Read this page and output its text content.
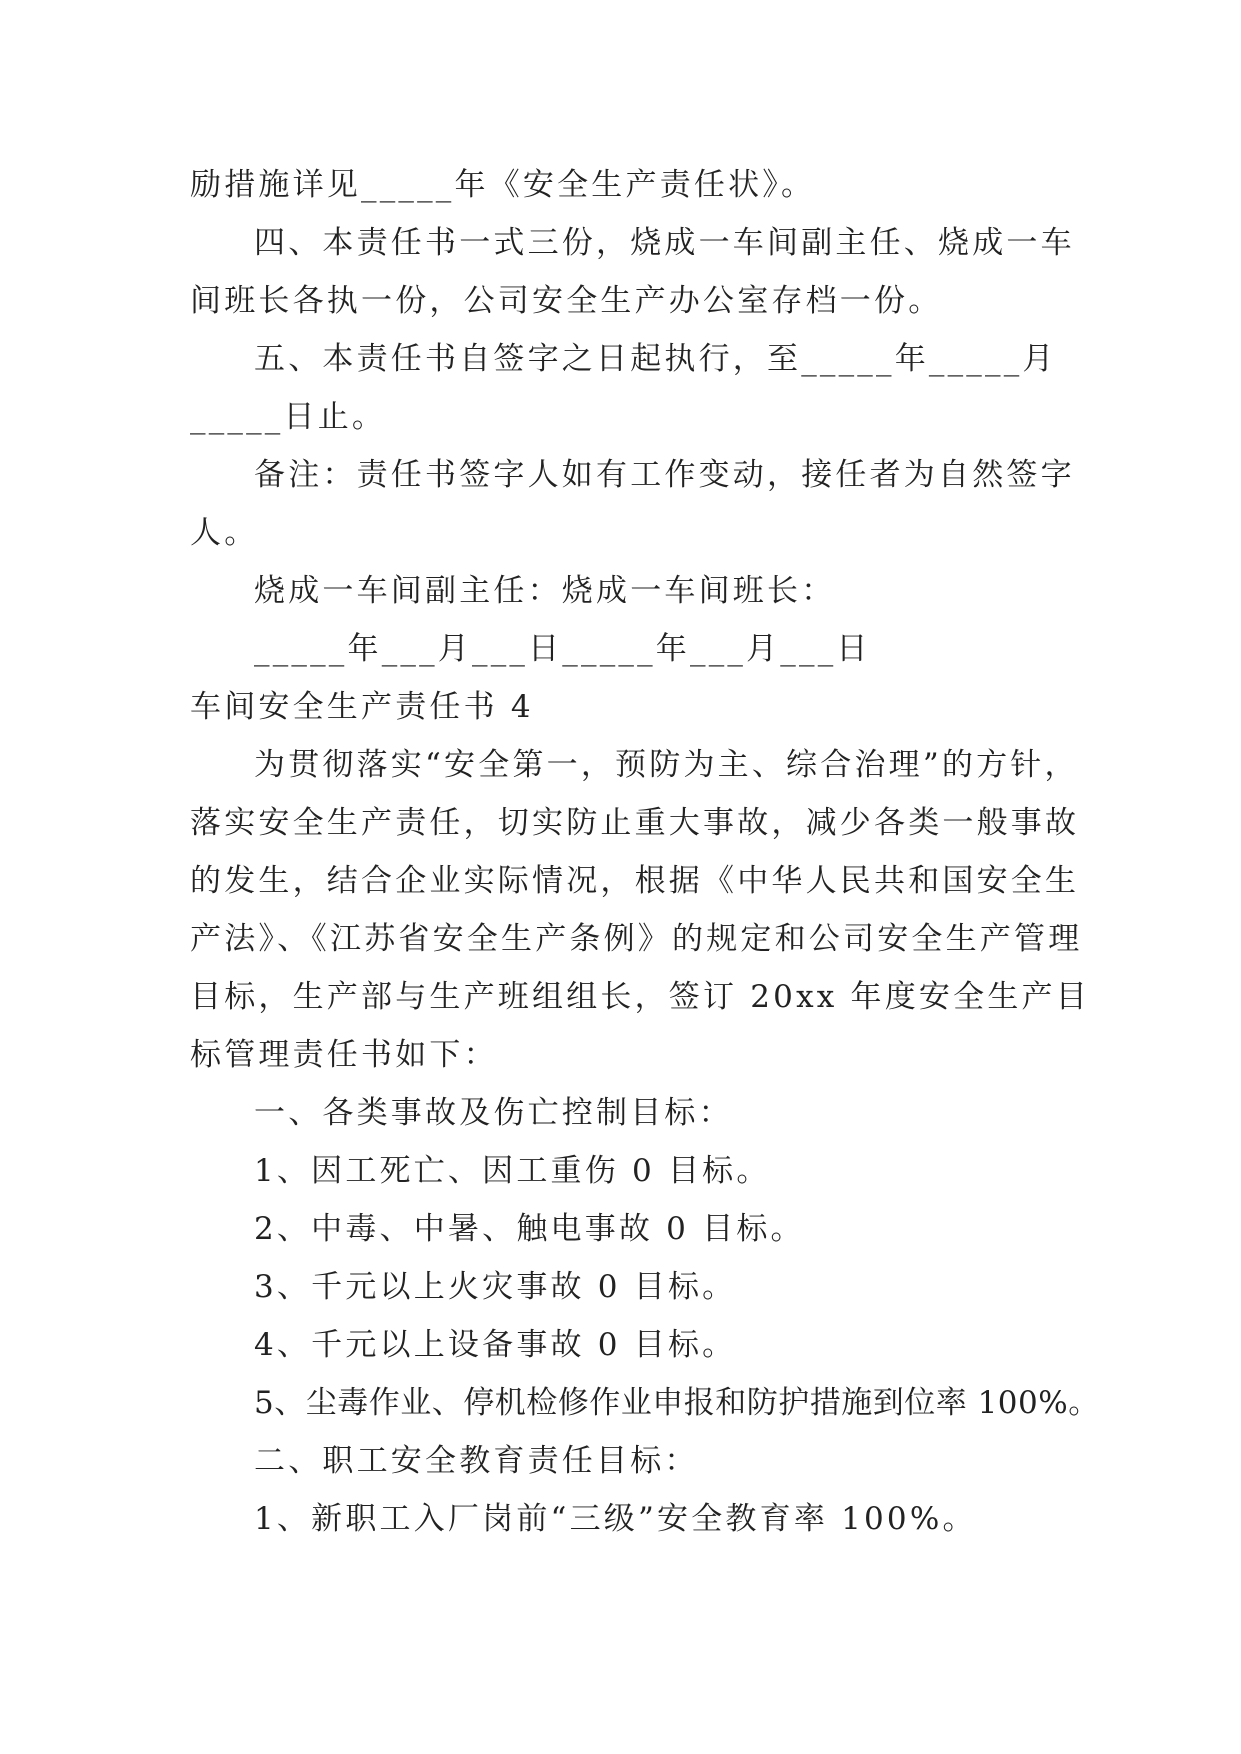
励措施详见_____年《安全生产责任状》。
四、本责任书一式三份，烧成一车间副主任、烧成一车
间班长各执一份，公司安全生产办公室存档一份。
五、本责任书自签字之日起执行，至_____年_____月
_____日止。
备注：责任书签字人如有工作变动，接任者为自然签字
人。
烧成一车间副主任：烧成一车间班长：
_____年___月___日_____年___月___日
车间安全生产责任书 4
为贯彻落实“安全第一，预防为主、综合治理”的方针，
落实安全生产责任，切实防止重大事故，减少各类一般事故
的发生，结合企业实际情况，根据《中华人民共和国安全生
产法》、《江苏省安全生产条例》的规定和公司安全生产管理
目标，生产部与生产班组组长，签订 20xx 年度安全生产目
标管理责任书如下：
一、各类事故及伤亡控制目标：
1、因工死亡、因工重伤 0 目标。
2、中毒、中暑、触电事故 0 目标。
3、千元以上火灾事故 0 目标。
4、千元以上设备事故 0 目标。
5、尘毒作业、停机检修作业申报和防护措施到位率 100%。
二、职工安全教育责任目标：
1、新职工入厂岗前“三级”安全教育率 100%。
